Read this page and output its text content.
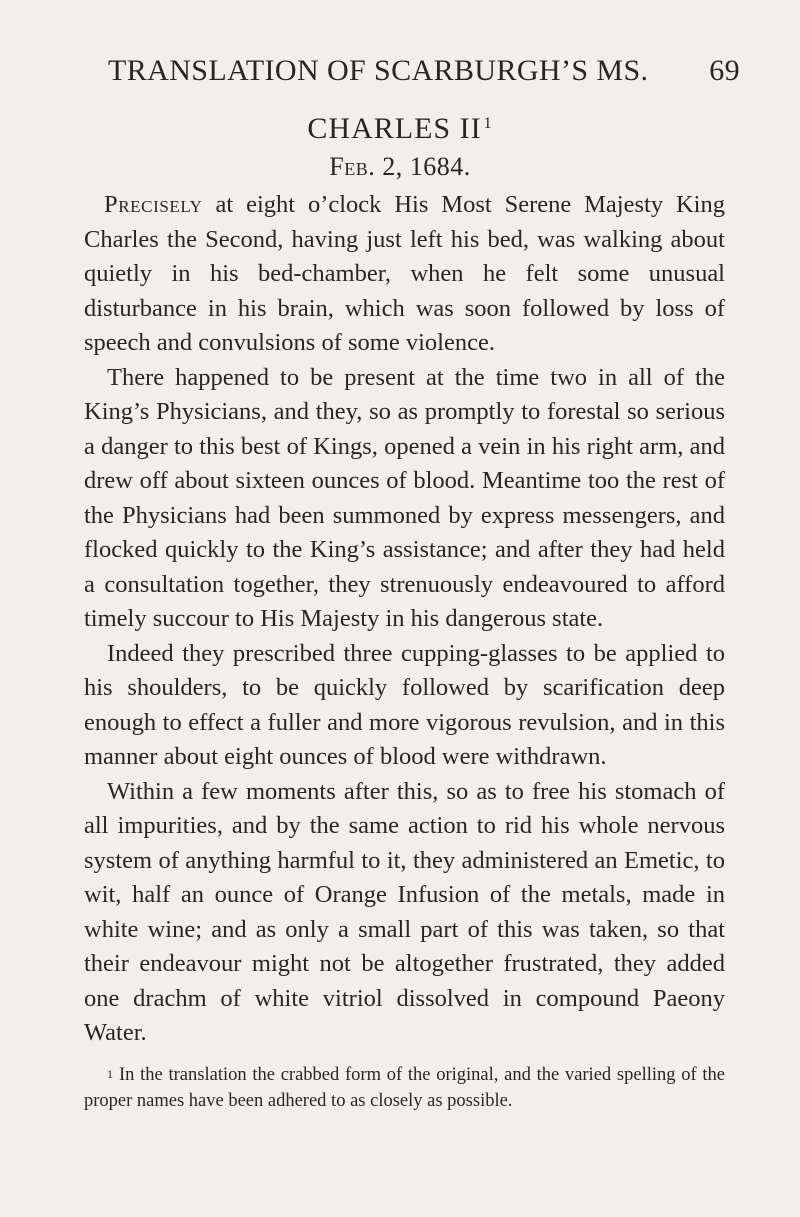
TRANSLATION OF SCARBURGH’S MS. 69
CHARLES II $^1$
Feb. 2, 1684.

Precisely at eight o’clock His Most Serene Majesty King Charles the Second, having just left his bed, was walking about quietly in his bed-chamber, when he felt some unusual disturbance in his brain, which was soon followed by loss of speech and convulsions of some violence.

There happened to be present at the time two in all of the King’s Physicians, and they, so as promptly to forestal so serious a danger to this best of Kings, opened a vein in his right arm, and drew off about sixteen ounces of blood. Meantime too the rest of the Physicians had been summoned by express messengers, and flocked quickly to the King’s assistance; and after they had held a consultation together, they strenuously endeavoured to afford timely succour to His Majesty in his dangerous state.

Indeed they prescribed three cupping-glasses to be applied to his shoulders, to be quickly followed by scarification deep enough to effect a fuller and more vigorous revulsion, and in this manner about eight ounces of blood were withdrawn.

Within a few moments after this, so as to free his stomach of all impurities, and by the same action to rid his whole nervous system of anything harmful to it, they administered an Emetic, to wit, half an ounce of Orange Infusion of the metals, made in white wine; and as only a small part of this was taken, so that their endeavour might not be altogether frustrated, they added one drachm of white vitriol dissolved in compound Paeony Water.

$^1$ In the translation the crabbed form of the original, and the varied spelling of the proper names have been adhered to as closely as possible.
